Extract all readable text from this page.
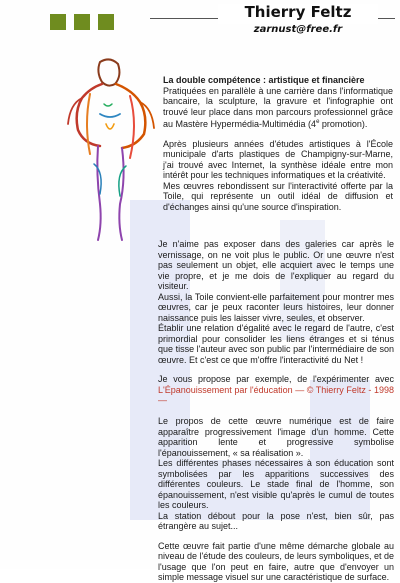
Thierry Feltz
zarnust@free.fr

La double compétence : artistique et financière

Pratiquées en parallèle à une carrière dans l'informatique bancaire, la sculpture, la gravure et l'infographie ont trouvé leur place dans mon parcours professionnel grâce au Mastère Hypermédia-Multimédia (4e promotion).

Après plusieurs années d'études artistiques à l'École municipale d'arts plastiques de Champigny-sur-Marne, j'ai trouvé avec Internet, la synthèse idéale entre mon intérêt pour les techniques informatiques et la créativité.

Mes œuvres rebondissent sur l'interactivité offerte par la Toile, qui représente un outil idéal de diffusion et d'échanges ainsi qu'une source d'inspiration.

Je n'aime pas exposer dans des galeries car après le vernissage, on ne voit plus le public. Or une œuvre n'est pas seulement un objet, elle acquiert avec le temps une vie propre, et je me dois de l'expliquer au regard du visiteur.

Aussi, la Toile convient-elle parfaitement pour montrer mes œuvres, car je peux raconter leurs histoires, leur donner naissance puis les laisser vivre, seules, et observer.

Établir une relation d'égalité avec le regard de l'autre, c'est primordial pour consolider les liens étranges et si ténus que tisse l'auteur avec son public par l'intermédiaire de son œuvre. Et c'est ce que m'offre l'interactivité du Net !

Je vous propose par exemple, de l'expérimenter avec L'Épanouissement par l'éducation — © Thierry Feltz - 1998 —

Le propos de cette œuvre numérique est de faire apparaître progressivement l'image d'un homme. Cette apparition lente et progressive symbolise l'épanouissement, « sa réalisation ».

Les différentes phases nécessaires à son éducation sont symbolisées par les apparitions successives des différentes couleurs. Le stade final de l'homme, son épanouissement, n'est visible qu'après le cumul de toutes les couleurs.

La station débout pour la pose n'est, bien sûr, pas étrangère au sujet...

Cette œuvre fait partie d'une même démarche globale au niveau de l'étude des couleurs, de leurs symboliques, et de l'usage que l'on peut en faire, autre que d'envoyer un simple message visuel sur une caractéristique de surface.
